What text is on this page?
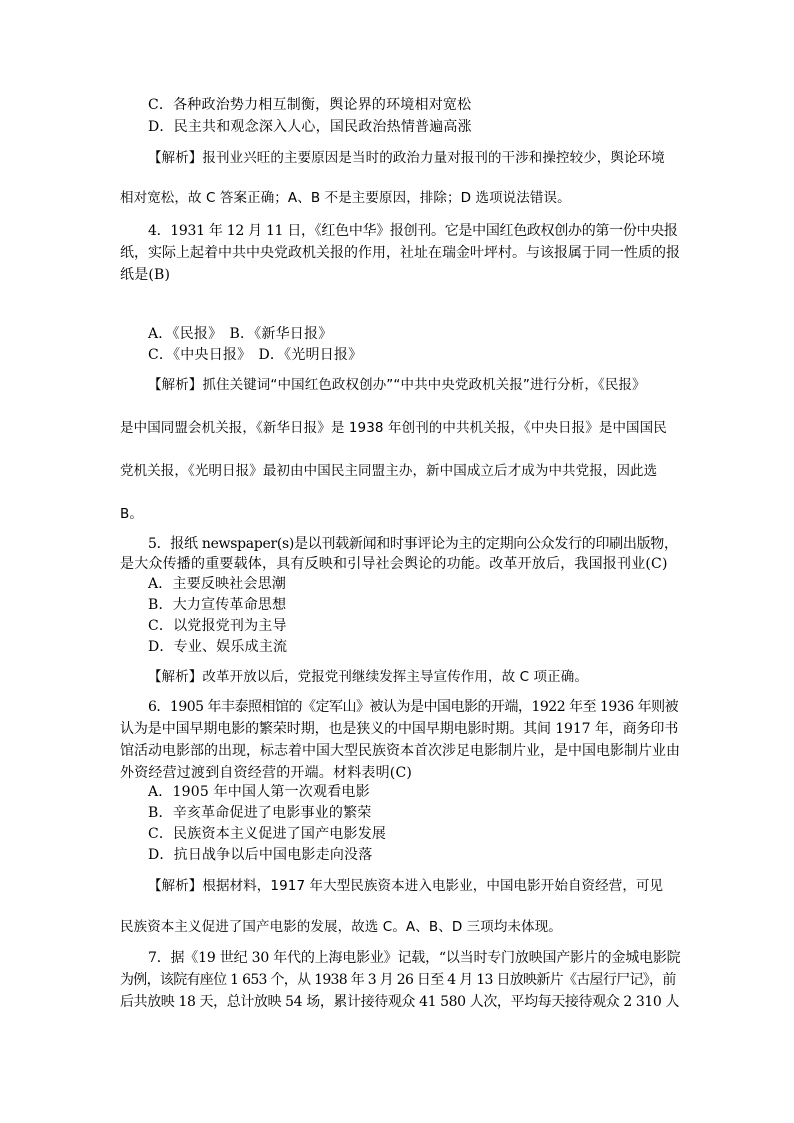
C．各种政治势力相互制衡，舆论界的环境相对宽松
D．民主共和观念深入人心，国民政治热情普遍高涨
【解析】报刊业兴旺的主要原因是当时的政治力量对报刊的干涉和操控较少，舆论环境
相对宽松，故 C 答案正确；A、B 不是主要原因，排除；D 选项说法错误。
4．1931 年 12 月 11 日，《红色中华》报创刊。它是中国红色政权创办的第一份中央报
纸，实际上起着中共中央党政机关报的作用，社址在瑞金叶坪村。与该报属于同一性质的报
纸是(B)
A．《民报》　B．《新华日报》
C．《中央日报》　D．《光明日报》
【解析】抓住关键词“中国红色政权创办”“中共中央党政机关报”进行分析，《民报》
是中国同盟会机关报，《新华日报》是 1938 年创刊的中共机关报，《中央日报》是中国国民
党机关报，《光明日报》最初由中国民主同盟主办，新中国成立后才成为中共党报，因此选
B。
5．报纸 newspaper(s)是以刊载新闻和时事评论为主的定期向公众发行的印刷出版物，
是大众传播的重要载体，具有反映和引导社会舆论的功能。改革开放后，我国报刊业(C)
A．主要反映社会思潮
B．大力宣传革命思想
C．以党报党刊为主导
D．专业、娱乐成主流
【解析】改革开放以后，党报党刊继续发挥主导宣传作用，故 C 项正确。
6．1905 年丰泰照相馆的《定军山》被认为是中国电影的开端，1922 年至 1936 年则被
认为是中国早期电影的繁荣时期，也是狭义的中国早期电影时期。其间 1917 年，商务印书
馆活动电影部的出现，标志着中国大型民族资本首次涉足电影制片业，是中国电影制片业由
外资经营过渡到自资经营的开端。材料表明(C)
A．1905 年中国人第一次观看电影
B．辛亥革命促进了电影事业的繁荣
C．民族资本主义促进了国产电影发展
D．抗日战争以后中国电影走向没落
【解析】根据材料，1917 年大型民族资本进入电影业，中国电影开始自资经营，可见
民族资本主义促进了国产电影的发展，故选 C。A、B、D 三项均未体现。
7．据《19 世纪 30 年代的上海电影业》记载，“以当时专门放映国产影片的金城电影院
为例，该院有座位 1 653 个，从 1938 年 3 月 26 日至 4 月 13 日放映新片《古屋行尸记》，前
后共放映 18 天，总计放映 54 场，累计接待观众 41 580 人次，平均每天接待观众 2 310 人
